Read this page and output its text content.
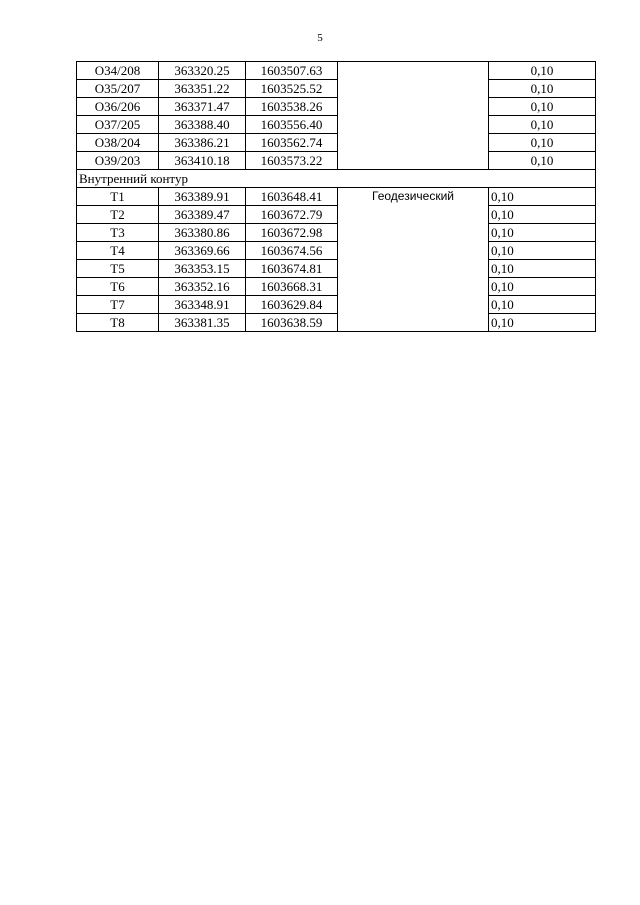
5
О34/208	363320.25	1603507.63		0,10
О35/207	363351.22	1603525.52		0,10
О36/206	363371.47	1603538.26		0,10
О37/205	363388.40	1603556.40		0,10
О38/204	363386.21	1603562.74		0,10
О39/203	363410.18	1603573.22		0,10
Внутренний контур				
Т1	363389.91	1603648.41	Геодезический	0,10
Т2	363389.47	1603672.79		0,10
Т3	363380.86	1603672.98		0,10
Т4	363369.66	1603674.56		0,10
Т5	363353.15	1603674.81		0,10
Т6	363352.16	1603668.31		0,10
Т7	363348.91	1603629.84		0,10
Т8	363381.35	1603638.59		0,10
